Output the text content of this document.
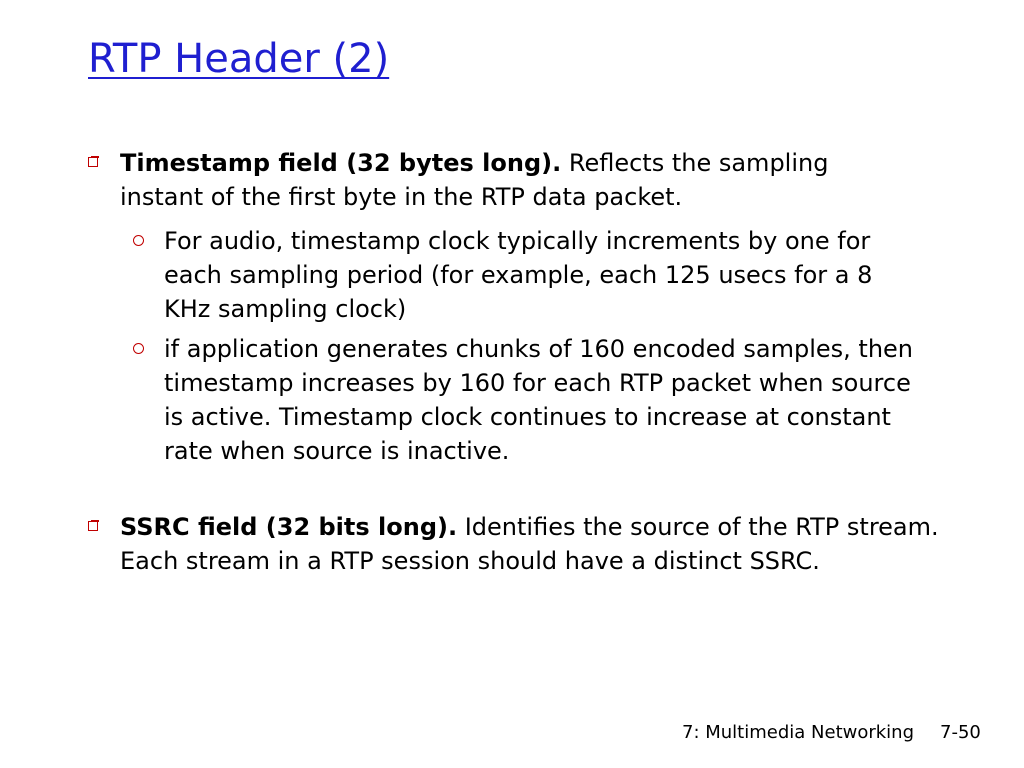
RTP Header (2)
Timestamp field (32 bytes long). Reflects the sampling instant of the first byte in the RTP data packet.
For audio, timestamp clock typically increments by one for each sampling period (for example, each 125 usecs for a 8 KHz sampling clock)
if application generates chunks of 160 encoded samples, then timestamp increases by 160 for each RTP packet when source is active. Timestamp clock continues to increase at constant rate when source is inactive.
SSRC field (32 bits long). Identifies the source of the RTP stream. Each stream in a RTP session should have a distinct SSRC.
7: Multimedia Networking 7-50
